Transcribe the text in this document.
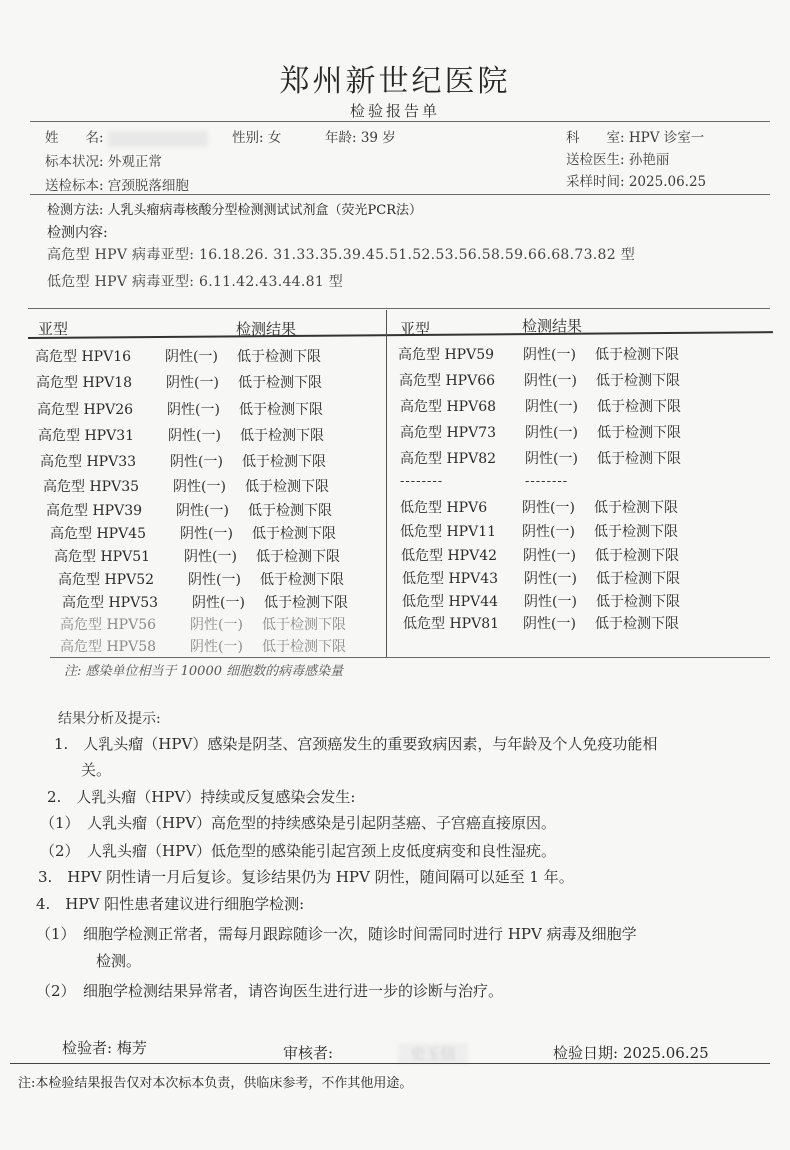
郑州新世纪医院
检验报告单
姓　　名:	性别: 女	年龄: 39 岁	科　　室: HPV 诊室一
标本状况: 外观正常	送检医生: 孙艳丽
送检标本: 宫颈脱落细胞	采样时间: 2025.06.25
检测方法: 人乳头瘤病毒核酸分型检测测试试剂盒（荧光PCR法）
检测内容:
高危型 HPV 病毒亚型: 16.18.26. 31.33.35.39.45.51.52.53.56.58.59.66.68.73.82 型
低危型 HPV 病毒亚型: 6.11.42.43.44.81 型
亚型	检测结果	亚型	检测结果
高危型 HPV16 阴性(一) 低于检测下限
高危型 HPV18 阴性(一) 低于检测下限
高危型 HPV26 阴性(一) 低于检测下限
高危型 HPV31 阴性(一) 低于检测下限
高危型 HPV33 阴性(一) 低于检测下限
高危型 HPV35 阴性(一) 低于检测下限
高危型 HPV39 阴性(一) 低于检测下限
高危型 HPV45 阴性(一) 低于检测下限
高危型 HPV51 阴性(一) 低于检测下限
高危型 HPV52 阴性(一) 低于检测下限
高危型 HPV53 阴性(一) 低于检测下限
高危型 HPV56 阴性(一) 低于检测下限
高危型 HPV58 阴性(一) 低于检测下限
高危型 HPV59 阴性(一) 低于检测下限
高危型 HPV66 阴性(一) 低于检测下限
高危型 HPV68 阴性(一) 低于检测下限
高危型 HPV73 阴性(一) 低于检测下限
高危型 HPV82 阴性(一) 低于检测下限
--------	--------
低危型 HPV6 阴性(一) 低于检测下限
低危型 HPV11 阴性(一) 低于检测下限
低危型 HPV42 阴性(一) 低于检测下限
低危型 HPV43 阴性(一) 低于检测下限
低危型 HPV44 阴性(一) 低于检测下限
低危型 HPV81 阴性(一) 低于检测下限
注: 感染单位相当于 10000 细胞数的病毒感染量
结果分析及提示:
1.　人乳头瘤（HPV）感染是阴茎、宫颈癌发生的重要致病因素，与年龄及个人免疫功能相
关。
2.　人乳头瘤（HPV）持续或反复感染会发生:
（1）　人乳头瘤（HPV）高危型的持续感染是引起阴茎癌、子宫癌直接原因。
（2）　人乳头瘤（HPV）低危型的感染能引起宫颈上皮低度病变和良性湿疣。
3.　HPV 阴性请一月后复诊。复诊结果仍为 HPV 阴性，随间隔可以延至 1 年。
4.　HPV 阳性患者建议进行细胞学检测:
（1）　细胞学检测正常者，需每月跟踪随诊一次，随诊时间需同时进行 HPV 病毒及细胞学
检测。
（2）　细胞学检测结果异常者，请咨询医生进行进一步的诊断与治疗。
检验者: 梅芳	审核者:	史玉信	检验日期: 2025.06.25
注:本检验结果报告仅对本次标本负责，供临床参考，不作其他用途。
